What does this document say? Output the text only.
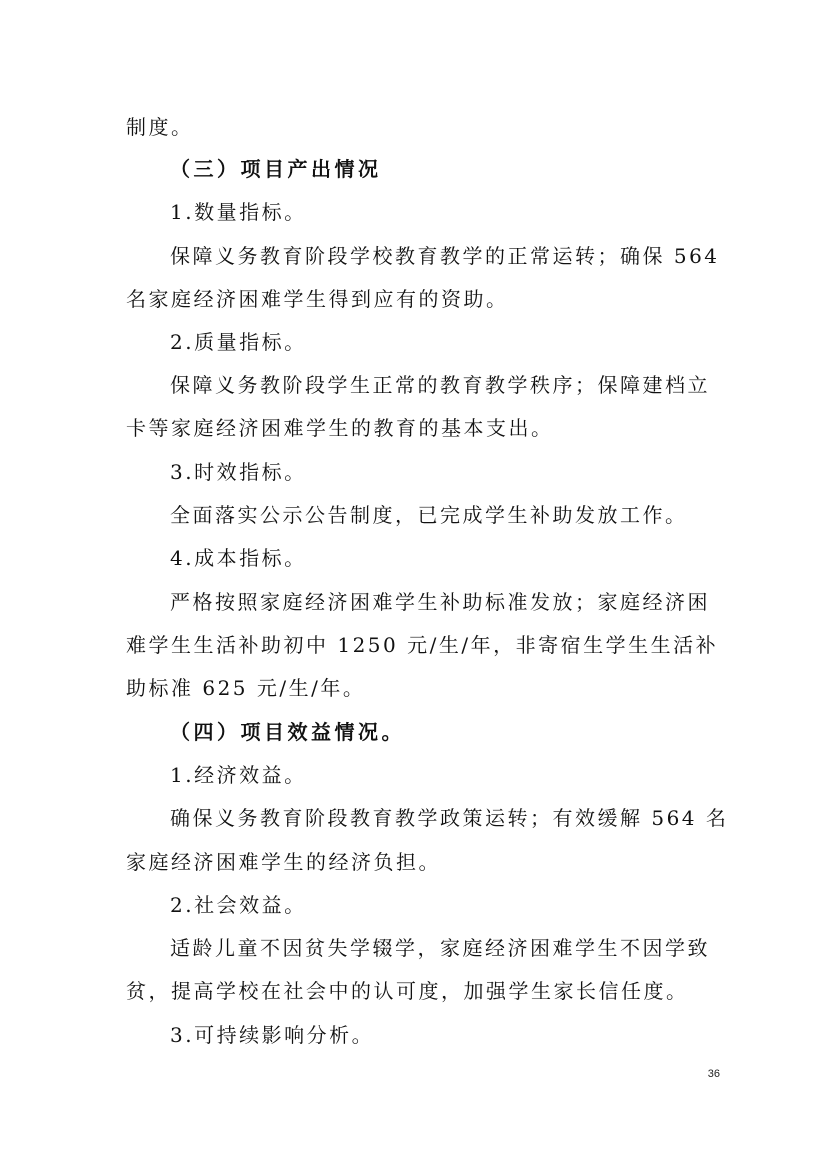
制度。
（三）项目产出情况
1.数量指标。
保障义务教育阶段学校教育教学的正常运转；确保 564
名家庭经济困难学生得到应有的资助。
2.质量指标。
保障义务教阶段学生正常的教育教学秩序；保障建档立
卡等家庭经济困难学生的教育的基本支出。
3.时效指标。
全面落实公示公告制度，已完成学生补助发放工作。
4.成本指标。
严格按照家庭经济困难学生补助标准发放；家庭经济困
难学生生活补助初中 1250 元/生/年，非寄宿生学生生活补
助标准 625 元/生/年。
（四）项目效益情况。
1.经济效益。
确保义务教育阶段教育教学政策运转；有效缓解 564 名
家庭经济困难学生的经济负担。
2.社会效益。
适龄儿童不因贫失学辍学，家庭经济困难学生不因学致
贫，提高学校在社会中的认可度，加强学生家长信任度。
3.可持续影响分析。
36
